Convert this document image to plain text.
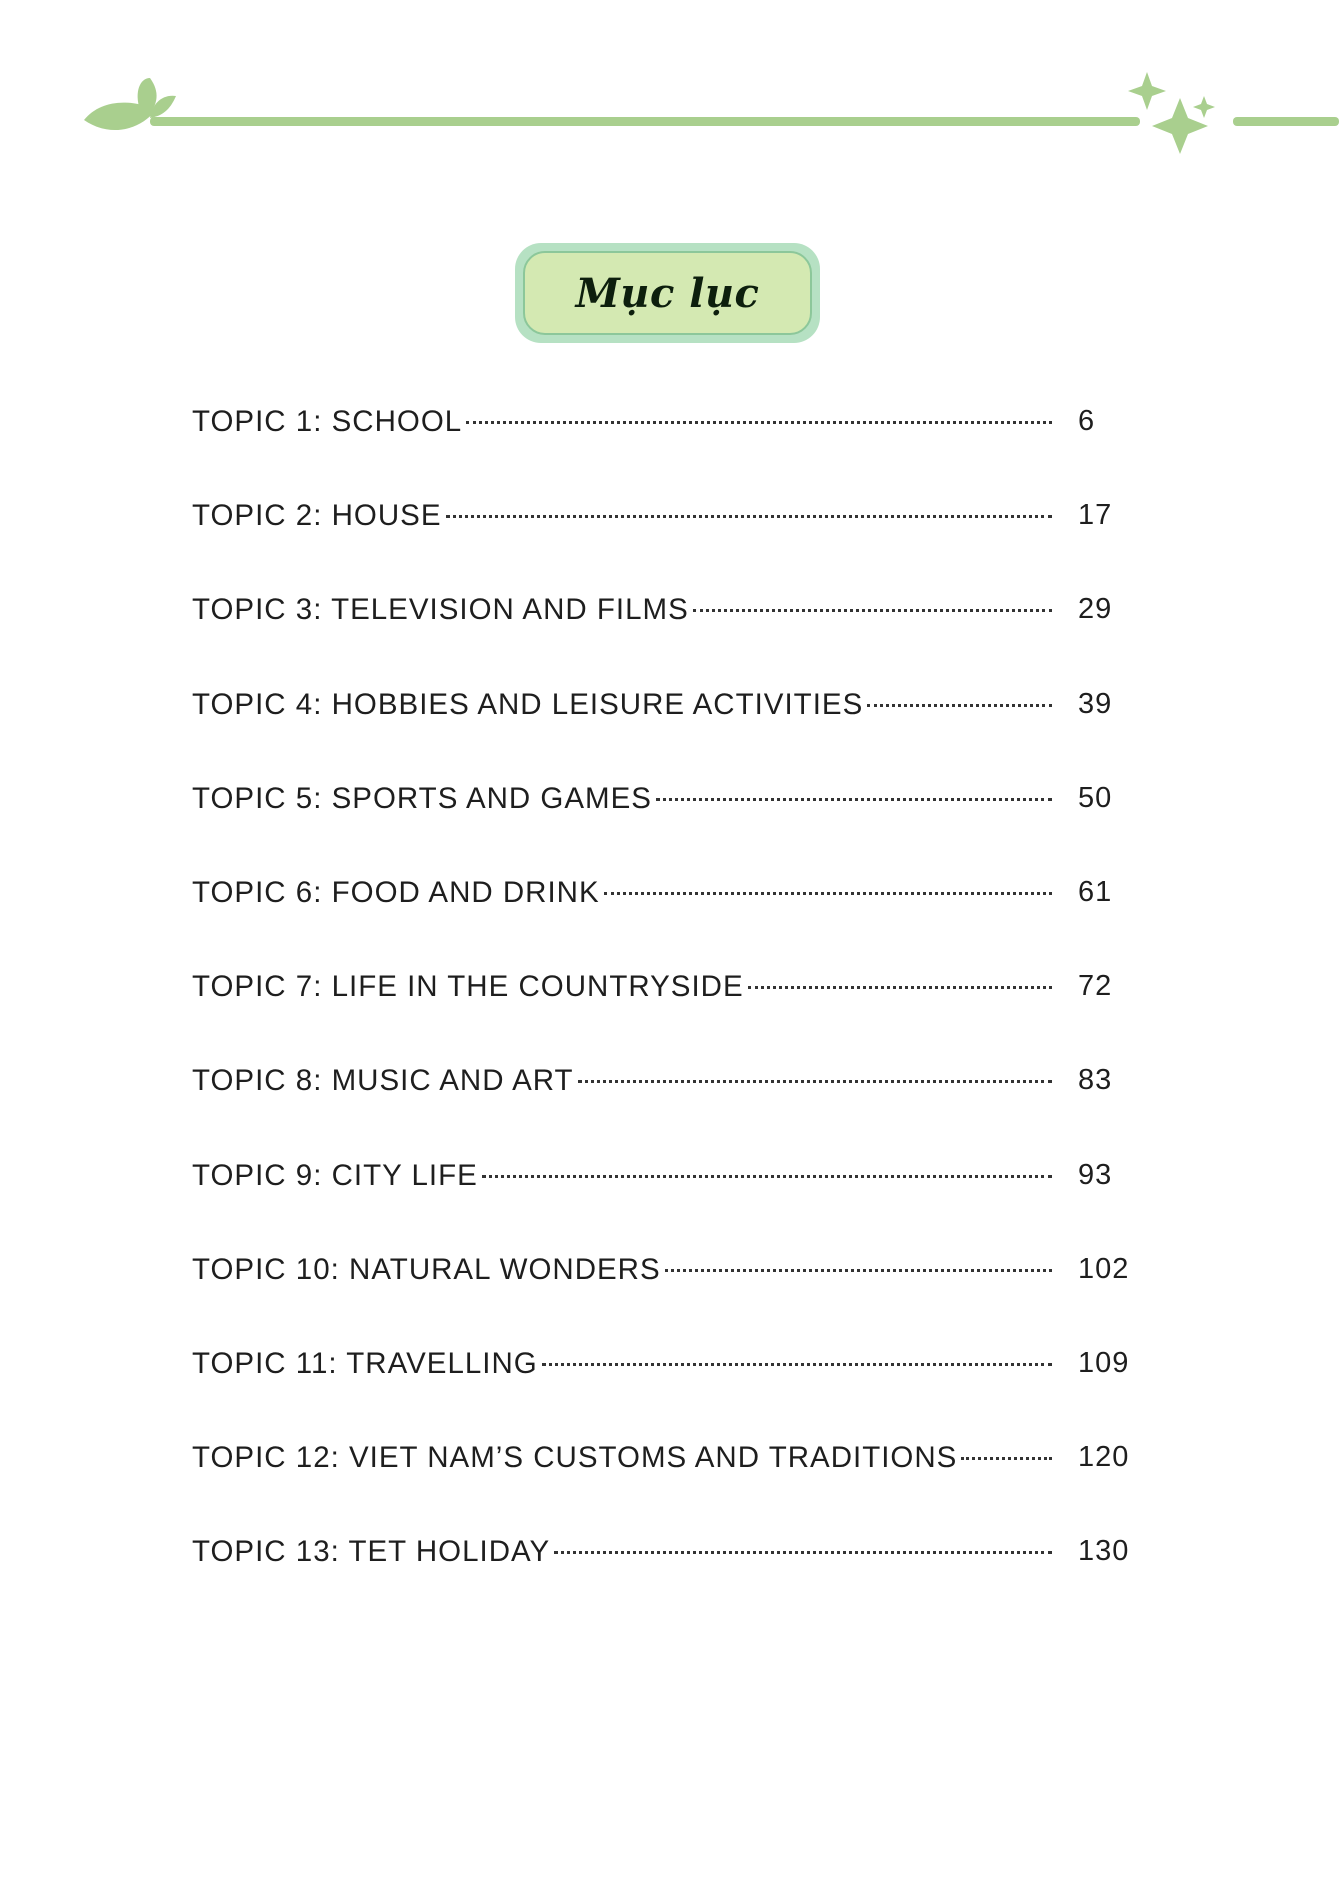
Mục lục
TOPIC 1: SCHOOL	6
TOPIC 2: HOUSE	17
TOPIC 3: TELEVISION AND FILMS	29
TOPIC 4: HOBBIES AND LEISURE ACTIVITIES	39
TOPIC 5: SPORTS AND GAMES	50
TOPIC 6: FOOD AND DRINK	61
TOPIC 7: LIFE IN THE COUNTRYSIDE	72
TOPIC 8: MUSIC AND ART	83
TOPIC 9: CITY LIFE	93
TOPIC 10: NATURAL WONDERS	102
TOPIC 11: TRAVELLING	109
TOPIC 12: VIET NAM’S CUSTOMS AND TRADITIONS	120
TOPIC 13: TET HOLIDAY	130
